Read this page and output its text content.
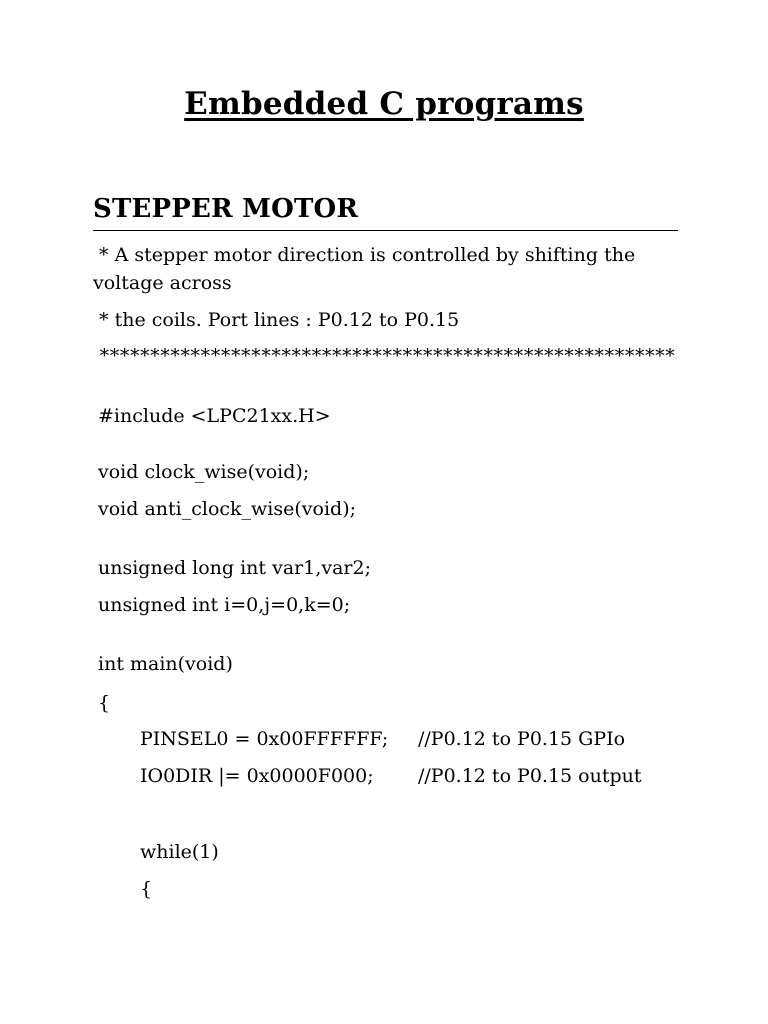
Embedded C programs
STEPPER MOTOR
* A stepper motor direction is controlled by shifting the
voltage across
* the coils. Port lines : P0.12 to P0.15
*********************************************************
#include <LPC21xx.H>
void clock_wise(void);
void anti_clock_wise(void);
unsigned long int var1,var2;
unsigned int i=0,j=0,k=0;
int main(void)
{
PINSEL0 = 0x00FFFFFF; //P0.12 to P0.15 GPIo
IO0DIR |= 0x0000F000; //P0.12 to P0.15 output
while(1)
{
